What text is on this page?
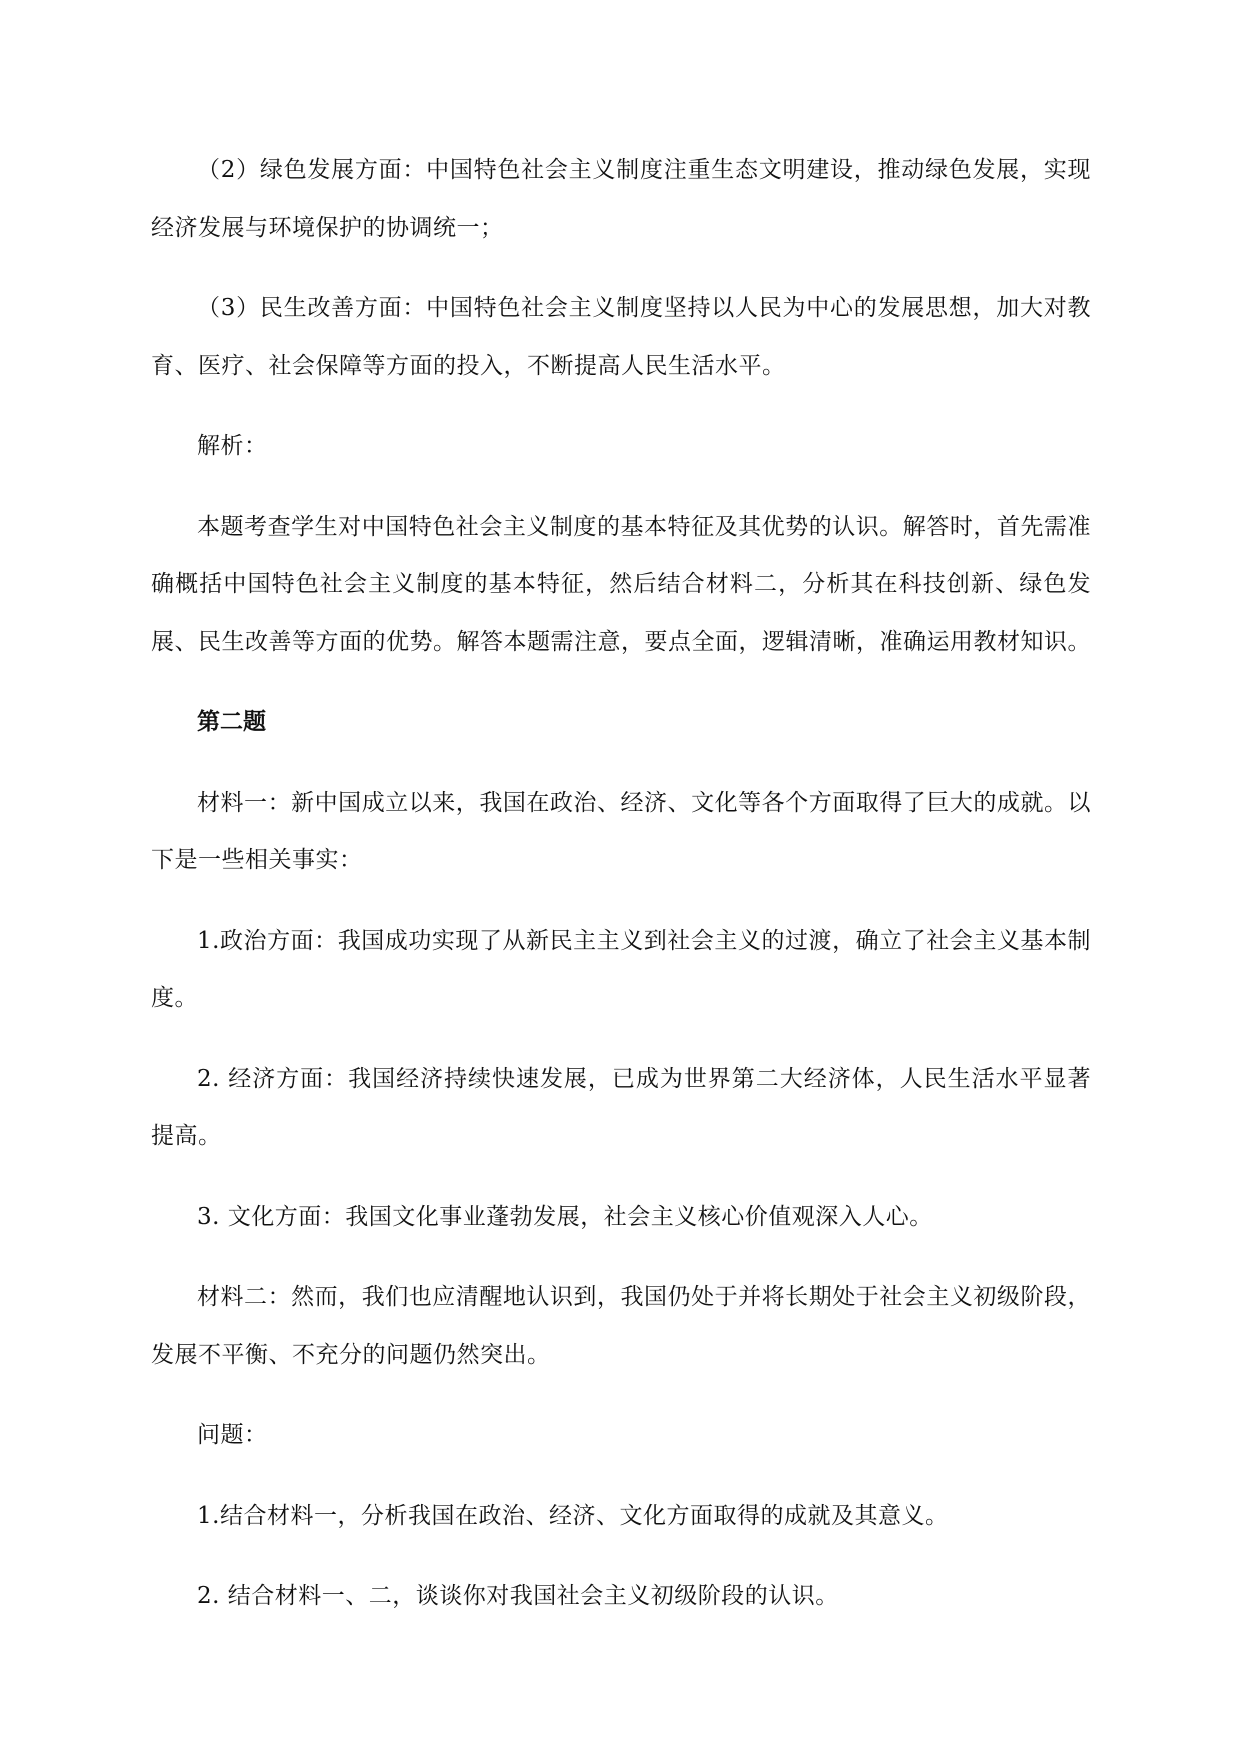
（2）绿色发展方面：中国特色社会主义制度注重生态文明建设，推动绿色发展，实现经济发展与环境保护的协调统一；

（3）民生改善方面：中国特色社会主义制度坚持以人民为中心的发展思想，加大对教育、医疗、社会保障等方面的投入，不断提高人民生活水平。

解析：

本题考查学生对中国特色社会主义制度的基本特征及其优势的认识。解答时，首先需准确概括中国特色社会主义制度的基本特征，然后结合材料二，分析其在科技创新、绿色发展、民生改善等方面的优势。解答本题需注意，要点全面，逻辑清晰，准确运用教材知识。

第二题

材料一：新中国成立以来，我国在政治、经济、文化等各个方面取得了巨大的成就。以下是一些相关事实：

1.政治方面：我国成功实现了从新民主主义到社会主义的过渡，确立了社会主义基本制度。

2. 经济方面：我国经济持续快速发展，已成为世界第二大经济体，人民生活水平显著提高。

3. 文化方面：我国文化事业蓬勃发展，社会主义核心价值观深入人心。

材料二：然而，我们也应清醒地认识到，我国仍处于并将长期处于社会主义初级阶段，发展不平衡、不充分的问题仍然突出。

问题：

1.结合材料一，分析我国在政治、经济、文化方面取得的成就及其意义。

2. 结合材料一、二，谈谈你对我国社会主义初级阶段的认识。
